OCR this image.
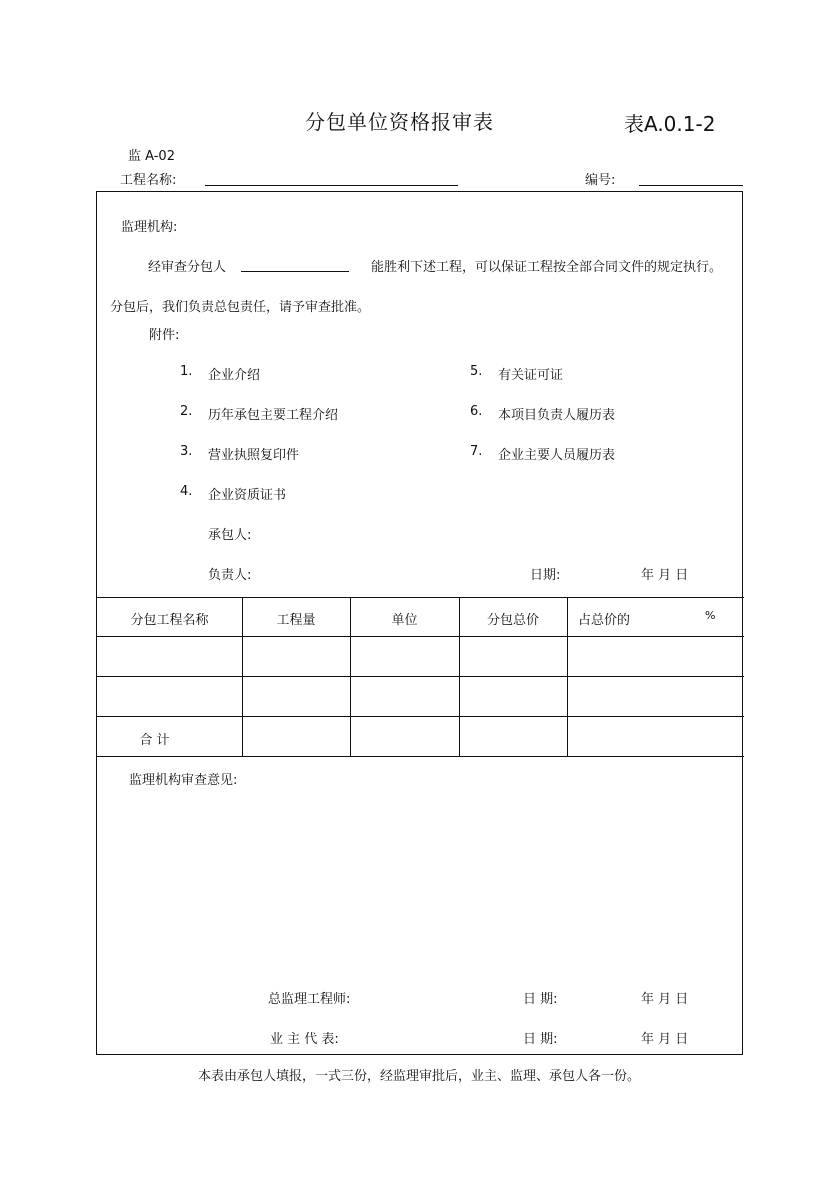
分包单位资格报审表	表A.0.1-2
监 A-02
工程名称:	编号:
监理机构:
经审查分包人	能胜利下述工程，可以保证工程按全部合同文件的规定执行。
分包后，我们负责总包责任，请予审查批准。
附件:
1. 企业介绍
2. 历年承包主要工程介绍
3. 营业执照复印件
4. 企业资质证书
5. 有关证可证
6. 本项目负责人履历表
7. 企业主要人员履历表
承包人:
负责人:	日期:	年 月 日
分包工程名称	工程量	单位	分包总价	占总价的	%
合 计
监理机构审查意见:
总监理工程师:	日 期:	年 月 日
业 主 代 表:	日 期:	年 月 日
本表由承包人填报，一式三份，经监理审批后，业主、监理、承包人各一份。
